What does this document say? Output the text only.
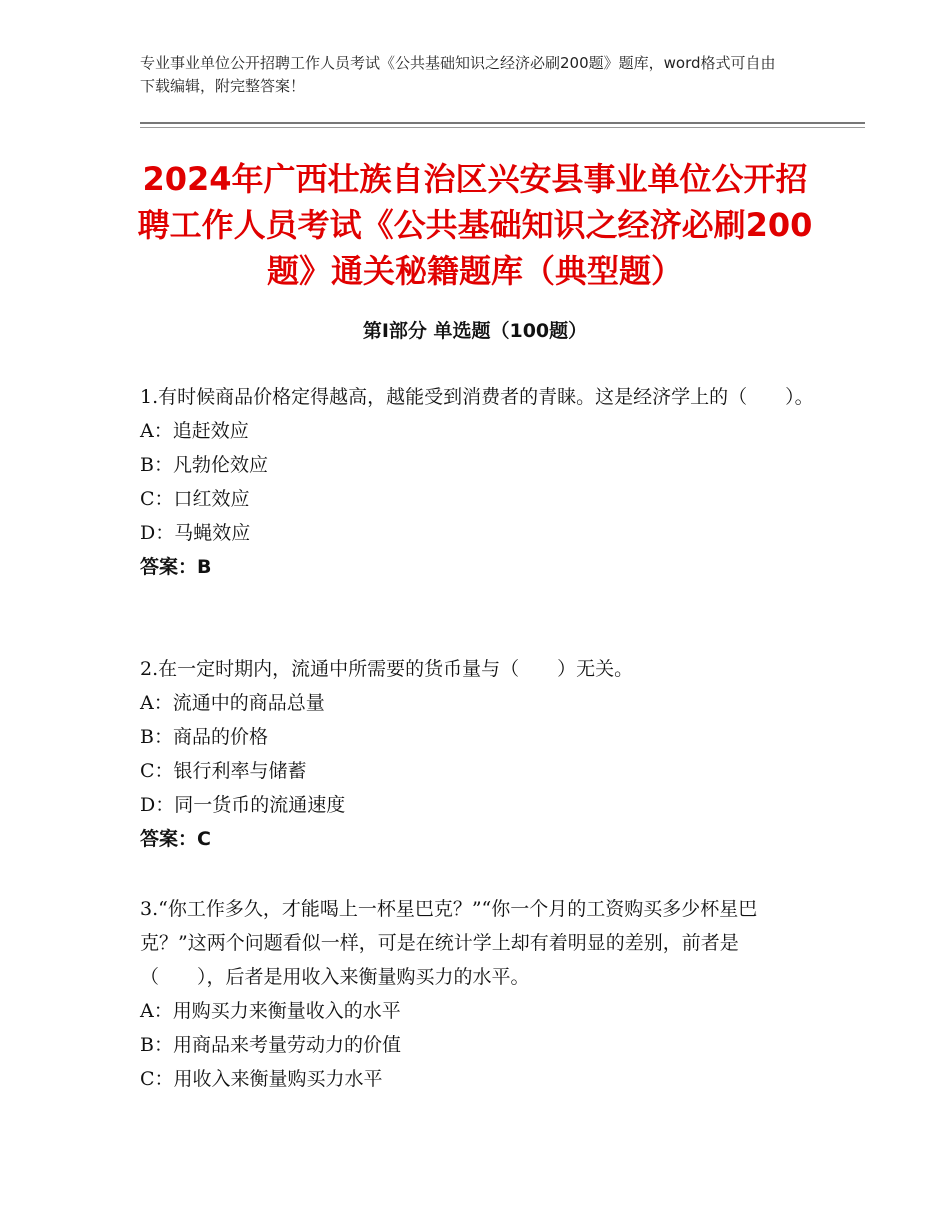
专业事业单位公开招聘工作人员考试《公共基础知识之经济必刷200题》题库，word格式可自由下载编辑，附完整答案！
2024年广西壮族自治区兴安县事业单位公开招聘工作人员考试《公共基础知识之经济必刷200题》通关秘籍题库（典型题）
第Ⅰ部分 单选题（100题）
1.有时候商品价格定得越高，越能受到消费者的青睐。这是经济学上的（　　）。
A：追赶效应
B：凡勃伦效应
C：口红效应
D：马蝇效应
答案：B
2.在一定时期内，流通中所需要的货币量与（　　）无关。
A：流通中的商品总量
B：商品的价格
C：银行利率与储蓄
D：同一货币的流通速度
答案：C
3.“你工作多久，才能喝上一杯星巴克？”“你一个月的工资购买多少杯星巴克？”这两个问题看似一样，可是在统计学上却有着明显的差别，前者是（　　），后者是用收入来衡量购买力的水平。
A：用购买力来衡量收入的水平
B：用商品来考量劳动力的价值
C：用收入来衡量购买力水平
